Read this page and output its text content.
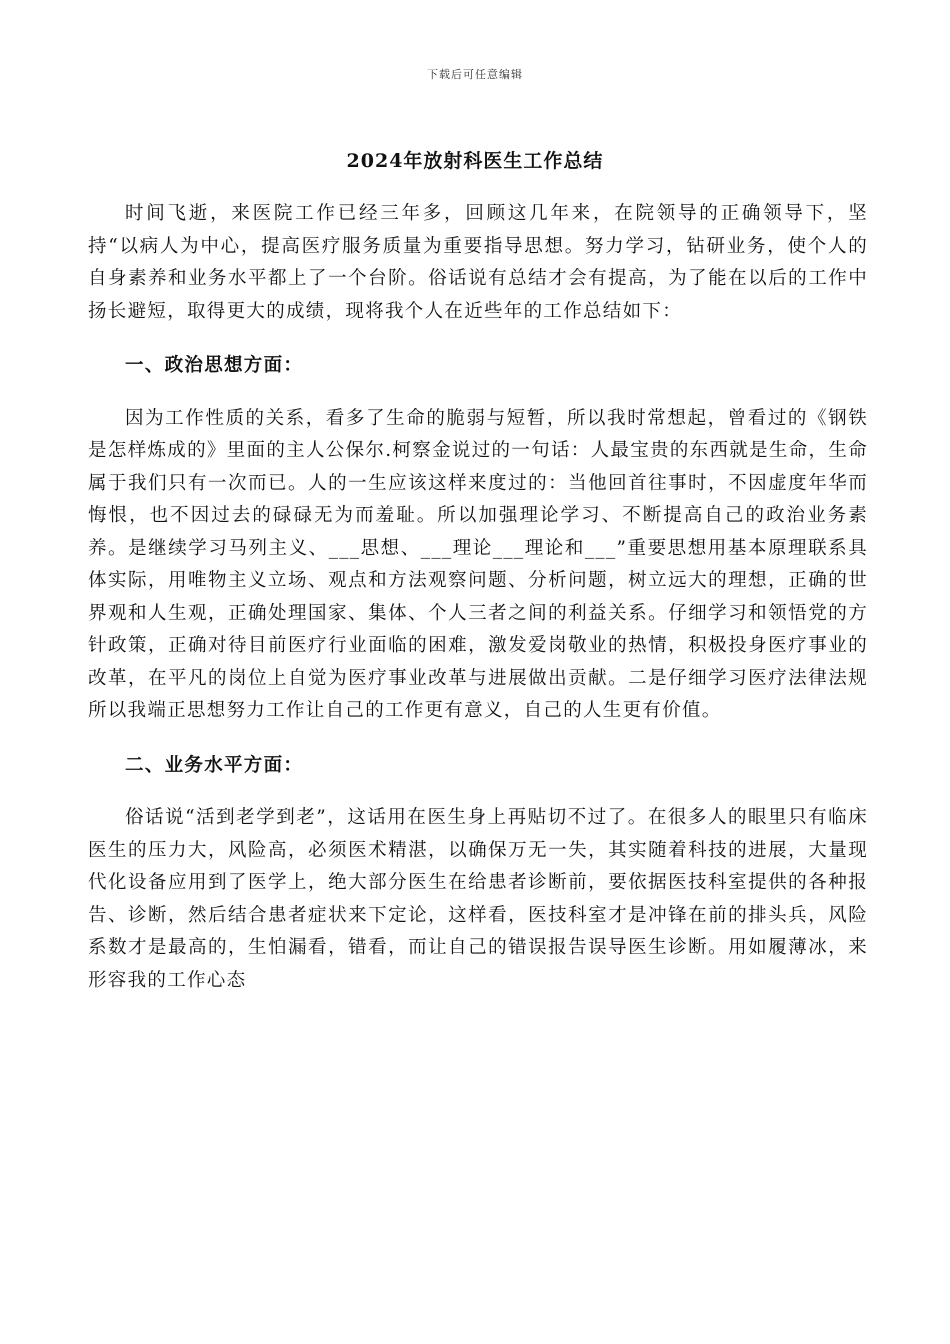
下载后可任意编辑
2024年放射科医生工作总结

时间飞逝，来医院工作已经三年多，回顾这几年来，在院领导的正确领导下，坚持“以病人为中心，提高医疗服务质量为重要指导思想。努力学习，钻研业务，使个人的自身素养和业务水平都上了一个台阶。俗话说有总结才会有提高，为了能在以后的工作中扬长避短，取得更大的成绩，现将我个人在近些年的工作总结如下：

一、政治思想方面：

因为工作性质的关系，看多了生命的脆弱与短暂，所以我时常想起，曾看过的《钢铁是怎样炼成的》里面的主人公保尔.柯察金说过的一句话：人最宝贵的东西就是生命，生命属于我们只有一次而已。人的一生应该这样来度过的：当他回首往事时，不因虚度年华而悔恨，也不因过去的碌碌无为而羞耻。所以加强理论学习、不断提高自己的政治业务素养。是继续学习马列主义、___思想、___理论___理论和___”重要思想用基本原理联系具体实际，用唯物主义立场、观点和方法观察问题、分析问题，树立远大的理想，正确的世界观和人生观，正确处理国家、集体、个人三者之间的利益关系。仔细学习和领悟党的方针政策，正确对待目前医疗行业面临的困难，激发爱岗敬业的热情，积极投身医疗事业的改革，在平凡的岗位上自觉为医疗事业改革与进展做出贡献。二是仔细学习医疗法律法规所以我端正思想努力工作让自己的工作更有意义，自己的人生更有价值。

二、业务水平方面：

俗话说“活到老学到老”，这话用在医生身上再贴切不过了。在很多人的眼里只有临床医生的压力大，风险高，必须医术精湛，以确保万无一失，其实随着科技的进展，大量现代化设备应用到了医学上，绝大部分医生在给患者诊断前，要依据医技科室提供的各种报告、诊断，然后结合患者症状来下定论，这样看，医技科室才是冲锋在前的排头兵，风险系数才是最高的，生怕漏看，错看，而让自己的错误报告误导医生诊断。用如履薄冰，来形容我的工作心态
